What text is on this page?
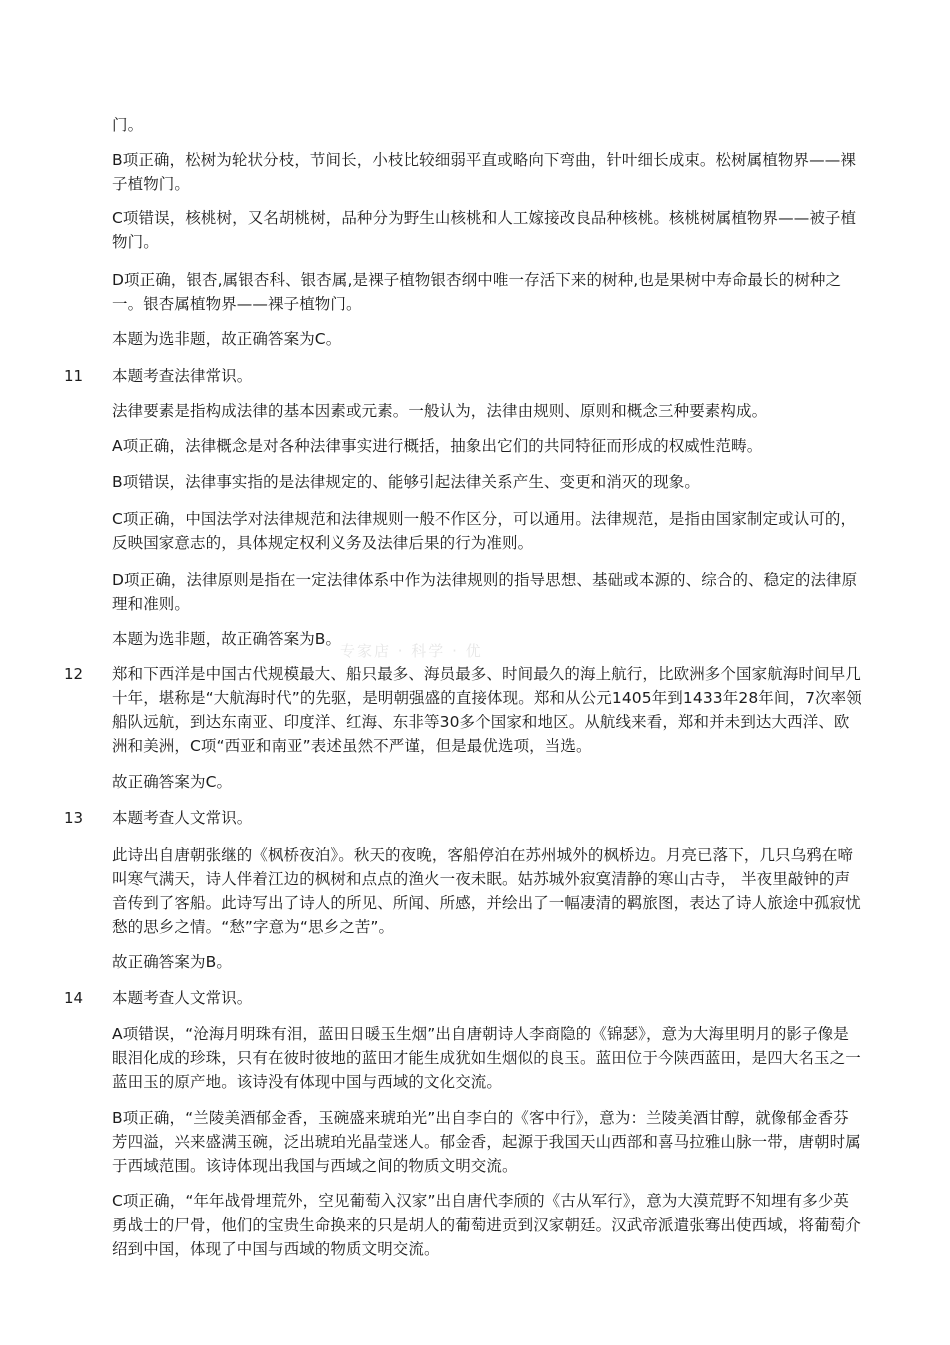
专家店 · 科学 · 优

门。

B项正确，松树为轮状分枝，节间长，小枝比较细弱平直或略向下弯曲，针叶细长成束。松树属植物界——裸子植物门。

C项错误，核桃树，又名胡桃树，品种分为野生山核桃和人工嫁接改良品种核桃。核桃树属植物界——被子植物门。

D项正确，银杏,属银杏科、银杏属,是裸子植物银杏纲中唯一存活下来的树种,也是果树中寿命最长的树种之一。银杏属植物界——裸子植物门。

本题为选非题，故正确答案为C。

11 本题考查法律常识。

法律要素是指构成法律的基本因素或元素。一般认为，法律由规则、原则和概念三种要素构成。

A项正确，法律概念是对各种法律事实进行概括，抽象出它们的共同特征而形成的权威性范畴。

B项错误，法律事实指的是法律规定的、能够引起法律关系产生、变更和消灭的现象。

C项正确，中国法学对法律规范和法律规则一般不作区分，可以通用。法律规范，是指由国家制定或认可的，反映国家意志的，具体规定权利义务及法律后果的行为准则。

D项正确，法律原则是指在一定法律体系中作为法律规则的指导思想、基础或本源的、综合的、稳定的法律原理和准则。

本题为选非题，故正确答案为B。

12 郑和下西洋是中国古代规模最大、船只最多、海员最多、时间最久的海上航行，比欧洲多个国家航海时间早几十年，堪称是“大航海时代”的先驱，是明朝强盛的直接体现。郑和从公元1405年到1433年28年间，7次率领船队远航，到达东南亚、印度洋、红海、东非等30多个国家和地区。从航线来看，郑和并未到达大西洋、欧洲和美洲，C项“西亚和南亚”表述虽然不严谨，但是最优选项，当选。

故正确答案为C。

13 本题考查人文常识。

此诗出自唐朝张继的《枫桥夜泊》。秋天的夜晚，客船停泊在苏州城外的枫桥边。月亮已落下，几只乌鸦在啼叫寒气满天，诗人伴着江边的枫树和点点的渔火一夜未眠。姑苏城外寂寞清静的寒山古寺， 半夜里敲钟的声音传到了客船。此诗写出了诗人的所见、所闻、所感，并绘出了一幅凄清的羁旅图，表达了诗人旅途中孤寂忧愁的思乡之情。“愁”字意为“思乡之苦”。

故正确答案为B。

14 本题考查人文常识。

A项错误，“沧海月明珠有泪，蓝田日暖玉生烟”出自唐朝诗人李商隐的《锦瑟》，意为大海里明月的影子像是眼泪化成的珍珠，只有在彼时彼地的蓝田才能生成犹如生烟似的良玉。蓝田位于今陕西蓝田，是四大名玉之一蓝田玉的原产地。该诗没有体现中国与西域的文化交流。

B项正确，“兰陵美酒郁金香，玉碗盛来琥珀光”出自李白的《客中行》，意为：兰陵美酒甘醇，就像郁金香芬芳四溢，兴来盛满玉碗，泛出琥珀光晶莹迷人。郁金香，起源于我国天山西部和喜马拉雅山脉一带，唐朝时属于西域范围。该诗体现出我国与西域之间的物质文明交流。

C项正确，“年年战骨埋荒外，空见葡萄入汉家”出自唐代李颀的《古从军行》，意为大漠荒野不知埋有多少英勇战士的尸骨，他们的宝贵生命换来的只是胡人的葡萄进贡到汉家朝廷。汉武帝派遣张骞出使西域，将葡萄介绍到中国，体现了中国与西域的物质文明交流。
